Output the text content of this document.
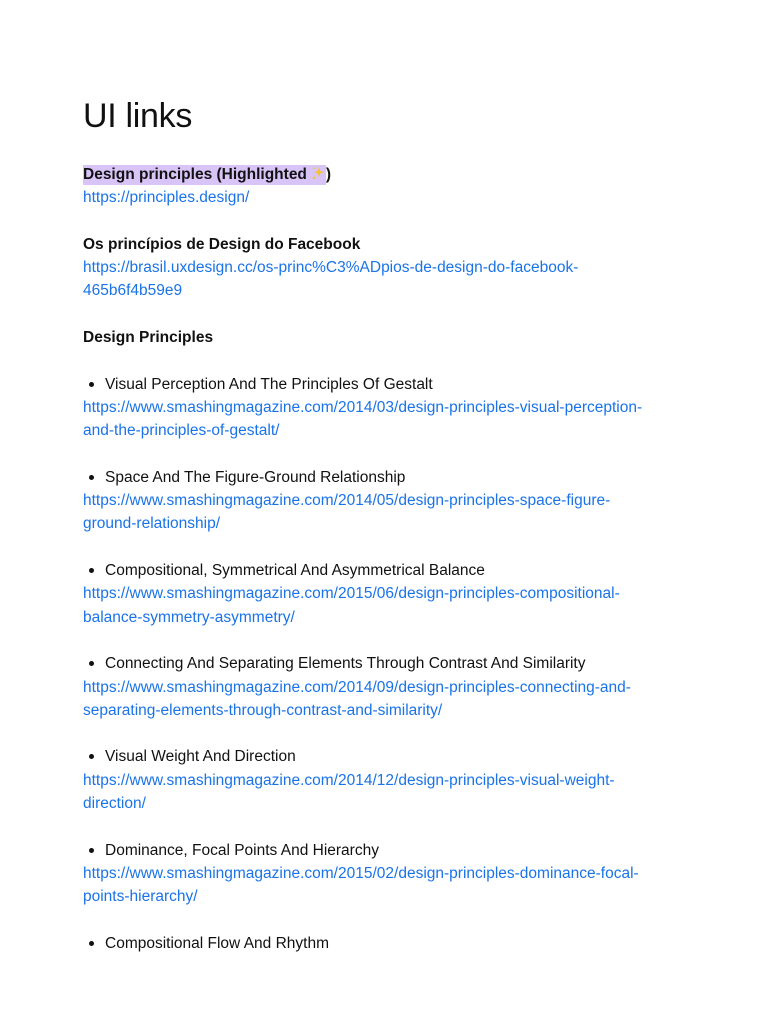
UI links

Design principles (Highlighted )

https://principles.design/

Os princípios de Design do Facebook

https://brasil.uxdesign.cc/os-princ%C3%ADpios-de-design-do-facebook-
465b6f4b59e9

Design Principles

Visual Perception And The Principles Of Gestalt
https://www.smashingmagazine.com/2014/03/design-principles-visual-perception-
and-the-principles-of-gestalt/
Space And The Figure-Ground Relationship
https://www.smashingmagazine.com/2014/05/design-principles-space-figure-
ground-relationship/
Compositional, Symmetrical And Asymmetrical Balance
https://www.smashingmagazine.com/2015/06/design-principles-compositional-
balance-symmetry-asymmetry/
Connecting And Separating Elements Through Contrast And Similarity
https://www.smashingmagazine.com/2014/09/design-principles-connecting-and-
separating-elements-through-contrast-and-similarity/
Visual Weight And Direction
https://www.smashingmagazine.com/2014/12/design-principles-visual-weight-
direction/
Dominance, Focal Points And Hierarchy
https://www.smashingmagazine.com/2015/02/design-principles-dominance-focal-
points-hierarchy/
Compositional Flow And Rhythm
